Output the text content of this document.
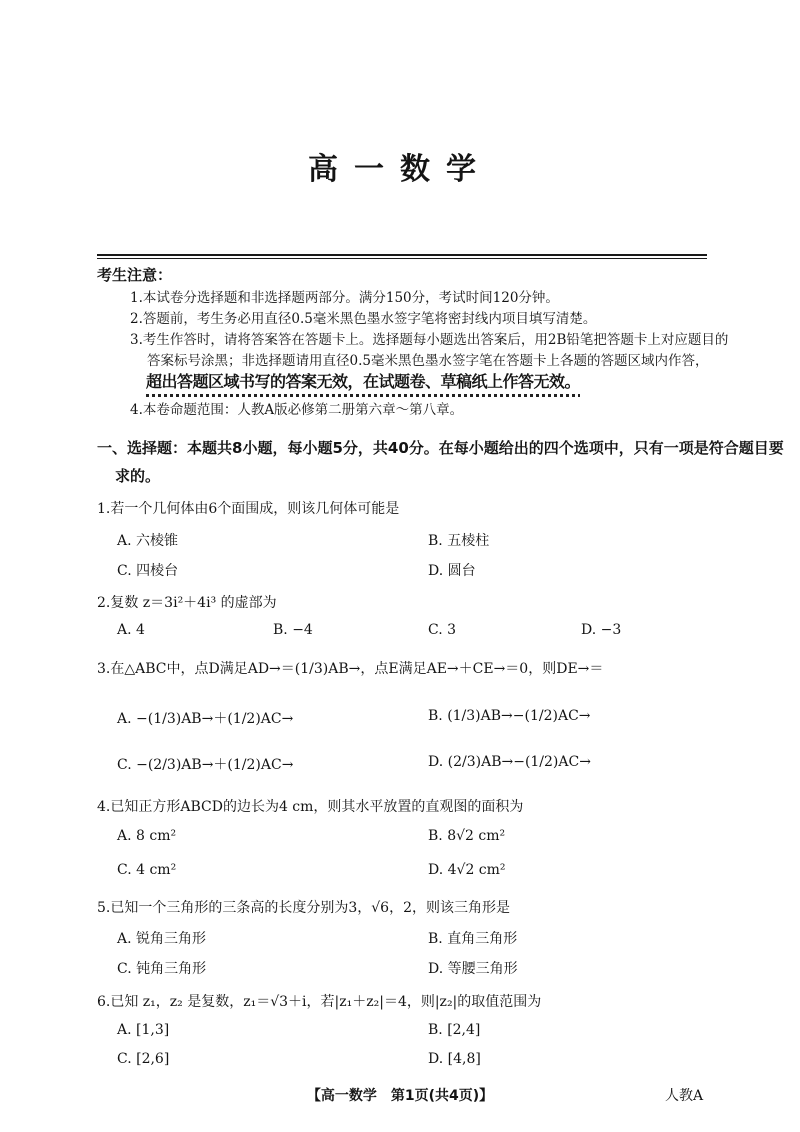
高一数学
考生注意：
1.本试卷分选择题和非选择题两部分。满分150分，考试时间120分钟。
2.答题前，考生务必用直径0.5毫米黑色墨水签字笔将密封线内项目填写清楚。
3.考生作答时，请将答案答在答题卡上。选择题每小题选出答案后，用2B铅笔把答题卡上对应题目的
答案标号涂黑；非选择题请用直径0.5毫米黑色墨水签字笔在答题卡上各题的答题区域内作答，
超出答题区域书写的答案无效，在试题卷、草稿纸上作答无效。
4.本卷命题范围：人教A版必修第二册第六章～第八章。
一、选择题：本题共8小题，每小题5分，共40分。在每小题给出的四个选项中，只有一项是符合题目要
求的。
1.若一个几何体由6个面围成，则该几何体可能是
A. 六棱锥	B. 五棱柱
C. 四棱台	D. 圆台
2.复数 z＝3i²＋4i³ 的虚部为
A. 4	B. −4	C. 3	D. −3
3.在△ABC中，点D满足AD→＝(1/3)AB→，点E满足AE→＋CE→＝0，则DE→＝
A. −(1/3)AB→＋(1/2)AC→	B. (1/3)AB→−(1/2)AC→
C. −(2/3)AB→＋(1/2)AC→	D. (2/3)AB→−(1/2)AC→
4.已知正方形ABCD的边长为4 cm，则其水平放置的直观图的面积为
A. 8 cm²	B. 8√2 cm²
C. 4 cm²	D. 4√2 cm²
5.已知一个三角形的三条高的长度分别为3，√6，2，则该三角形是
A. 锐角三角形	B. 直角三角形
C. 钝角三角形	D. 等腰三角形
6.已知 z₁，z₂ 是复数，z₁＝√3＋i，若|z₁＋z₂|＝4，则|z₂|的取值范围为
A. [1,3]	B. [2,4]
C. [2,6]	D. [4,8]
【高一数学　第1页(共4页)】	人教A
